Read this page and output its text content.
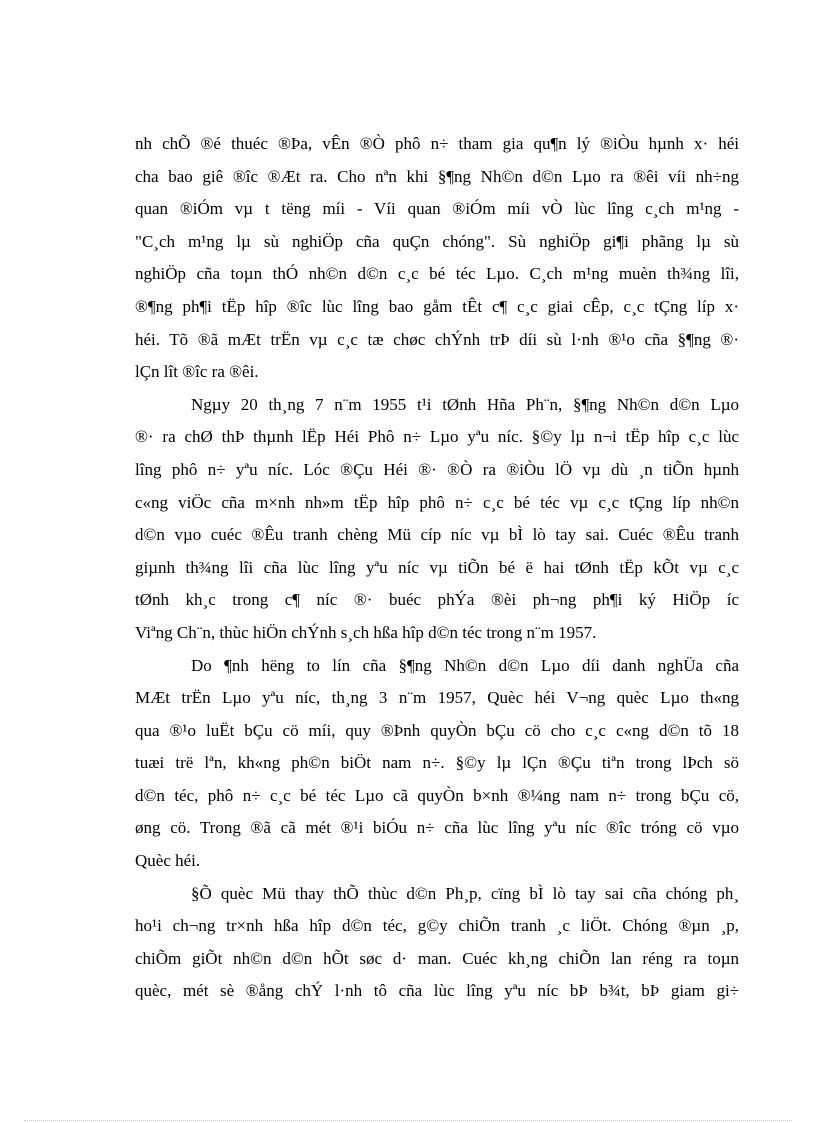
nh chÕ ®é thuéc ®Þa, vÊn ®Ò phô n÷ tham gia qu¶n lý ®iÒu hµnh x· héi
cha bao giê ®îc ®Æt ra. Cho nªn khi §¶ng Nh©n d©n Lµo ra ®êi víi nh÷ng
quan ®iÓm vµ t tëng míi - Víi quan ®iÓm míi vÒ lùc lîng c¸ch m¹ng -
"C¸ch m¹ng lµ sù nghiÖp cña quÇn chóng". Sù nghiÖp gi¶i phãng lµ sù
nghiÖp cña toµn thÓ nh©n d©n c¸c bé téc Lµo. C¸ch m¹ng muèn th¾ng lîi,
®¶ng ph¶i tËp hîp ®îc lùc lîng bao gåm tÊt c¶ c¸c giai cÊp, c¸c tÇng líp x·
héi. Tõ ®ã mÆt trËn vµ c¸c tæ chøc chÝnh trÞ díi sù l·nh ®¹o cña §¶ng ®·
lÇn lît ®îc ra ®êi.
Ngµy 20 th¸ng 7 n¨m 1955 t¹i tØnh Hña Ph¨n, §¶ng Nh©n d©n Lµo
®· ra chØ thÞ thµnh lËp Héi Phô n÷ Lµo yªu níc. §©y lµ n¬i tËp hîp c¸c lùc
lîng phô n÷ yªu níc. Lóc ®Çu Héi ®· ®Ò ra ®iÒu lÖ vµ dù ¸n tiÕn hµnh
c«ng viÖc cña m×nh nh»m tËp hîp phô n÷ c¸c bé téc vµ c¸c tÇng líp nh©n
d©n vµo cuéc ®Êu tranh chèng Mü cíp níc vµ bÌ lò tay sai. Cuéc ®Êu tranh
giµnh th¾ng lîi cña lùc lîng yªu níc vµ tiÕn bé ë hai tØnh tËp kÕt vµ c¸c
tØnh kh¸c trong c¶ níc ®· buéc phÝa ®èi ph¬ng ph¶i ký HiÖp íc
Viªng Ch¨n, thùc hiÖn chÝnh s¸ch hßa hîp d©n téc trong n¨m 1957.
Do ¶nh hëng to lín cña §¶ng Nh©n d©n Lµo díi danh nghÜa cña
MÆt trËn Lµo yªu níc, th¸ng 3 n¨m 1957, Quèc héi V¬ng quèc Lµo th«ng
qua ®¹o luËt bÇu cö míi, quy ®Þnh quyÒn bÇu cö cho c¸c c«ng d©n tõ 18
tuæi trë lªn, kh«ng ph©n biÖt nam n÷. §©y lµ lÇn ®Çu tiªn trong lÞch sö
d©n téc, phô n÷ c¸c bé téc Lµo cã quyÒn b×nh ®¼ng nam n÷ trong bÇu cö,
øng cö. Trong ®ã cã mét ®¹i biÓu n÷ cña lùc lîng yªu níc ®îc tróng cö vµo
Quèc héi.
§Õ quèc Mü thay thÕ thùc d©n Ph¸p, cïng bÌ lò tay sai cña chóng ph¸
ho¹i ch¬ng tr×nh hßa hîp d©n téc, g©y chiÕn tranh ¸c liÖt. Chóng ®µn ¸p,
chiÕm giÕt nh©n d©n hÕt søc d· man. Cuéc kh¸ng chiÕn lan réng ra toµn
quèc, mét sè ®ång chÝ l·nh tô cña lùc lîng yªu níc bÞ b¾t, bÞ giam gi÷
